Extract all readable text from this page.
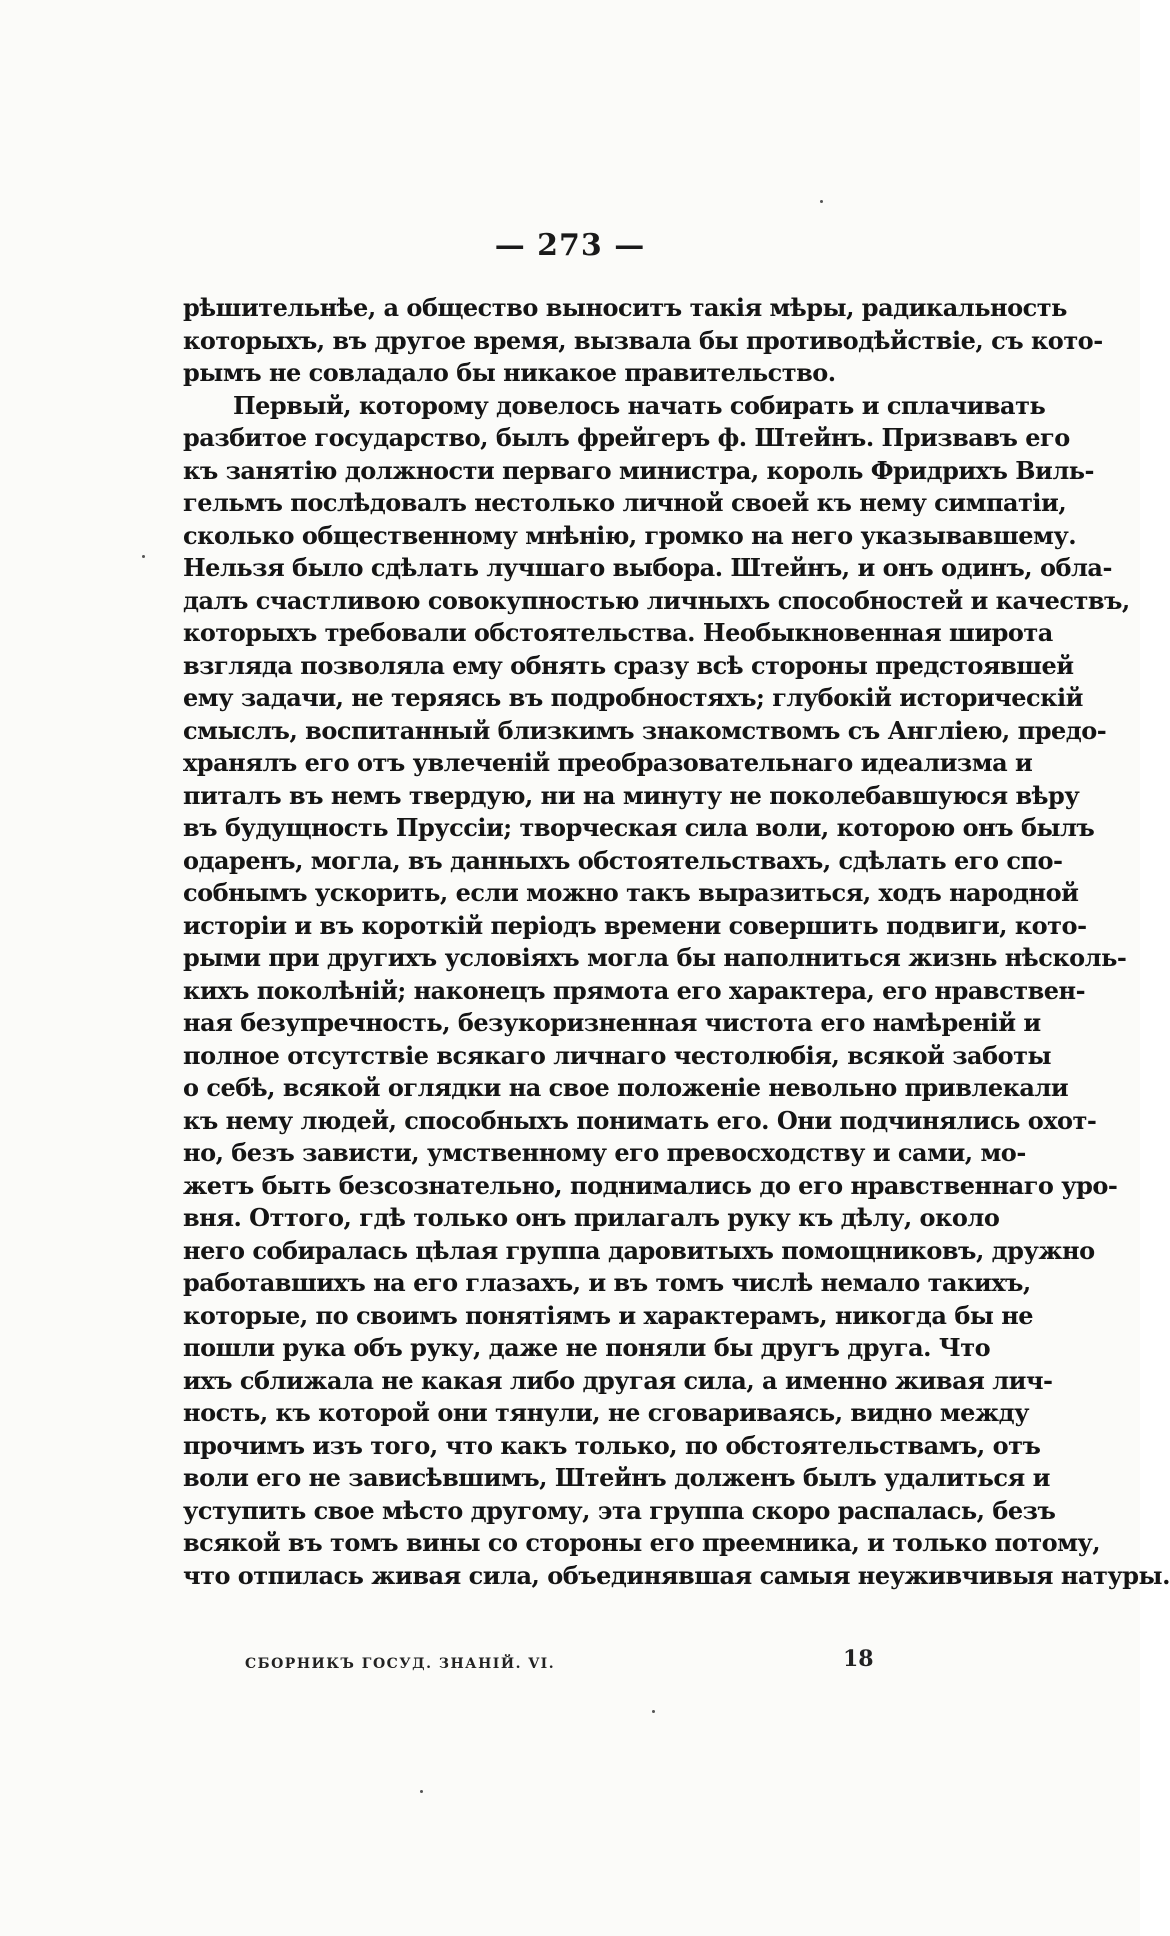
— 273 —
рѣшительнѣе, а общество выноситъ такія мѣры, радикальность
которыхъ, въ другое время, вызвала бы противодѣйствіе, съ кото-
рымъ не совладало бы никакое правительство.
Первый, которому довелось начать собирать и сплачивать
разбитое государство, былъ фрейгеръ ф. Штейнъ. Призвавъ его
къ занятію должности перваго министра, король Фридрихъ Виль-
гельмъ послѣдовалъ нестолько личной своей къ нему симпатіи,
сколько общественному мнѣнію, громко на него указывавшему.
Нельзя было сдѣлать лучшаго выбора. Штейнъ, и онъ одинъ, обла-
далъ счастливою совокупностью личныхъ способностей и качествъ,
которыхъ требовали обстоятельства. Необыкновенная широта
взгляда позволяла ему обнять сразу всѣ стороны предстоявшей
ему задачи, не теряясь въ подробностяхъ; глубокій историческій
смыслъ, воспитанный близкимъ знакомствомъ съ Англіею, предо-
хранялъ его отъ увлеченій преобразовательнаго идеализма и
питалъ въ немъ твердую, ни на минуту не поколебавшуюся вѣру
въ будущность Пруссіи; творческая сила воли, которою онъ былъ
одаренъ, могла, въ данныхъ обстоятельствахъ, сдѣлать его спо-
собнымъ ускорить, если можно такъ выразиться, ходъ народной
исторіи и въ короткій періодъ времени совершить подвиги, кото-
рыми при другихъ условіяхъ могла бы наполниться жизнь нѣсколь-
кихъ поколѣній; наконецъ прямота его характера, его нравствен-
ная безупречность, безукоризненная чистота его намѣреній и
полное отсутствіе всякаго личнаго честолюбія, всякой заботы
о себѣ, всякой оглядки на свое положеніе невольно привлекали
къ нему людей, способныхъ понимать его. Они подчинялись охот-
но, безъ зависти, умственному его превосходству и сами, мо-
жетъ быть безсознательно, поднимались до его нравственнаго уро-
вня. Оттого, гдѣ только онъ прилагалъ руку къ дѣлу, около
него собиралась цѣлая группа даровитыхъ помощниковъ, дружно
работавшихъ на его глазахъ, и въ томъ числѣ немало такихъ,
которые, по своимъ понятіямъ и характерамъ, никогда бы не
пошли рука объ руку, даже не поняли бы другъ друга. Что
ихъ сближала не какая либо другая сила, а именно живая лич-
ность, къ которой они тянули, не сговариваясь, видно между
прочимъ изъ того, что какъ только, по обстоятельствамъ, отъ
воли его не зависѣвшимъ, Штейнъ долженъ былъ удалиться и
уступить свое мѣсто другому, эта группа скоро распалась, безъ
всякой въ томъ вины со стороны его преемника, и только потому,
что отпилась живая сила, объединявшая самыя неуживчивыя натуры.
СБОРНИКЪ ГОСУД. ЗНАНІЙ. VI.	18
